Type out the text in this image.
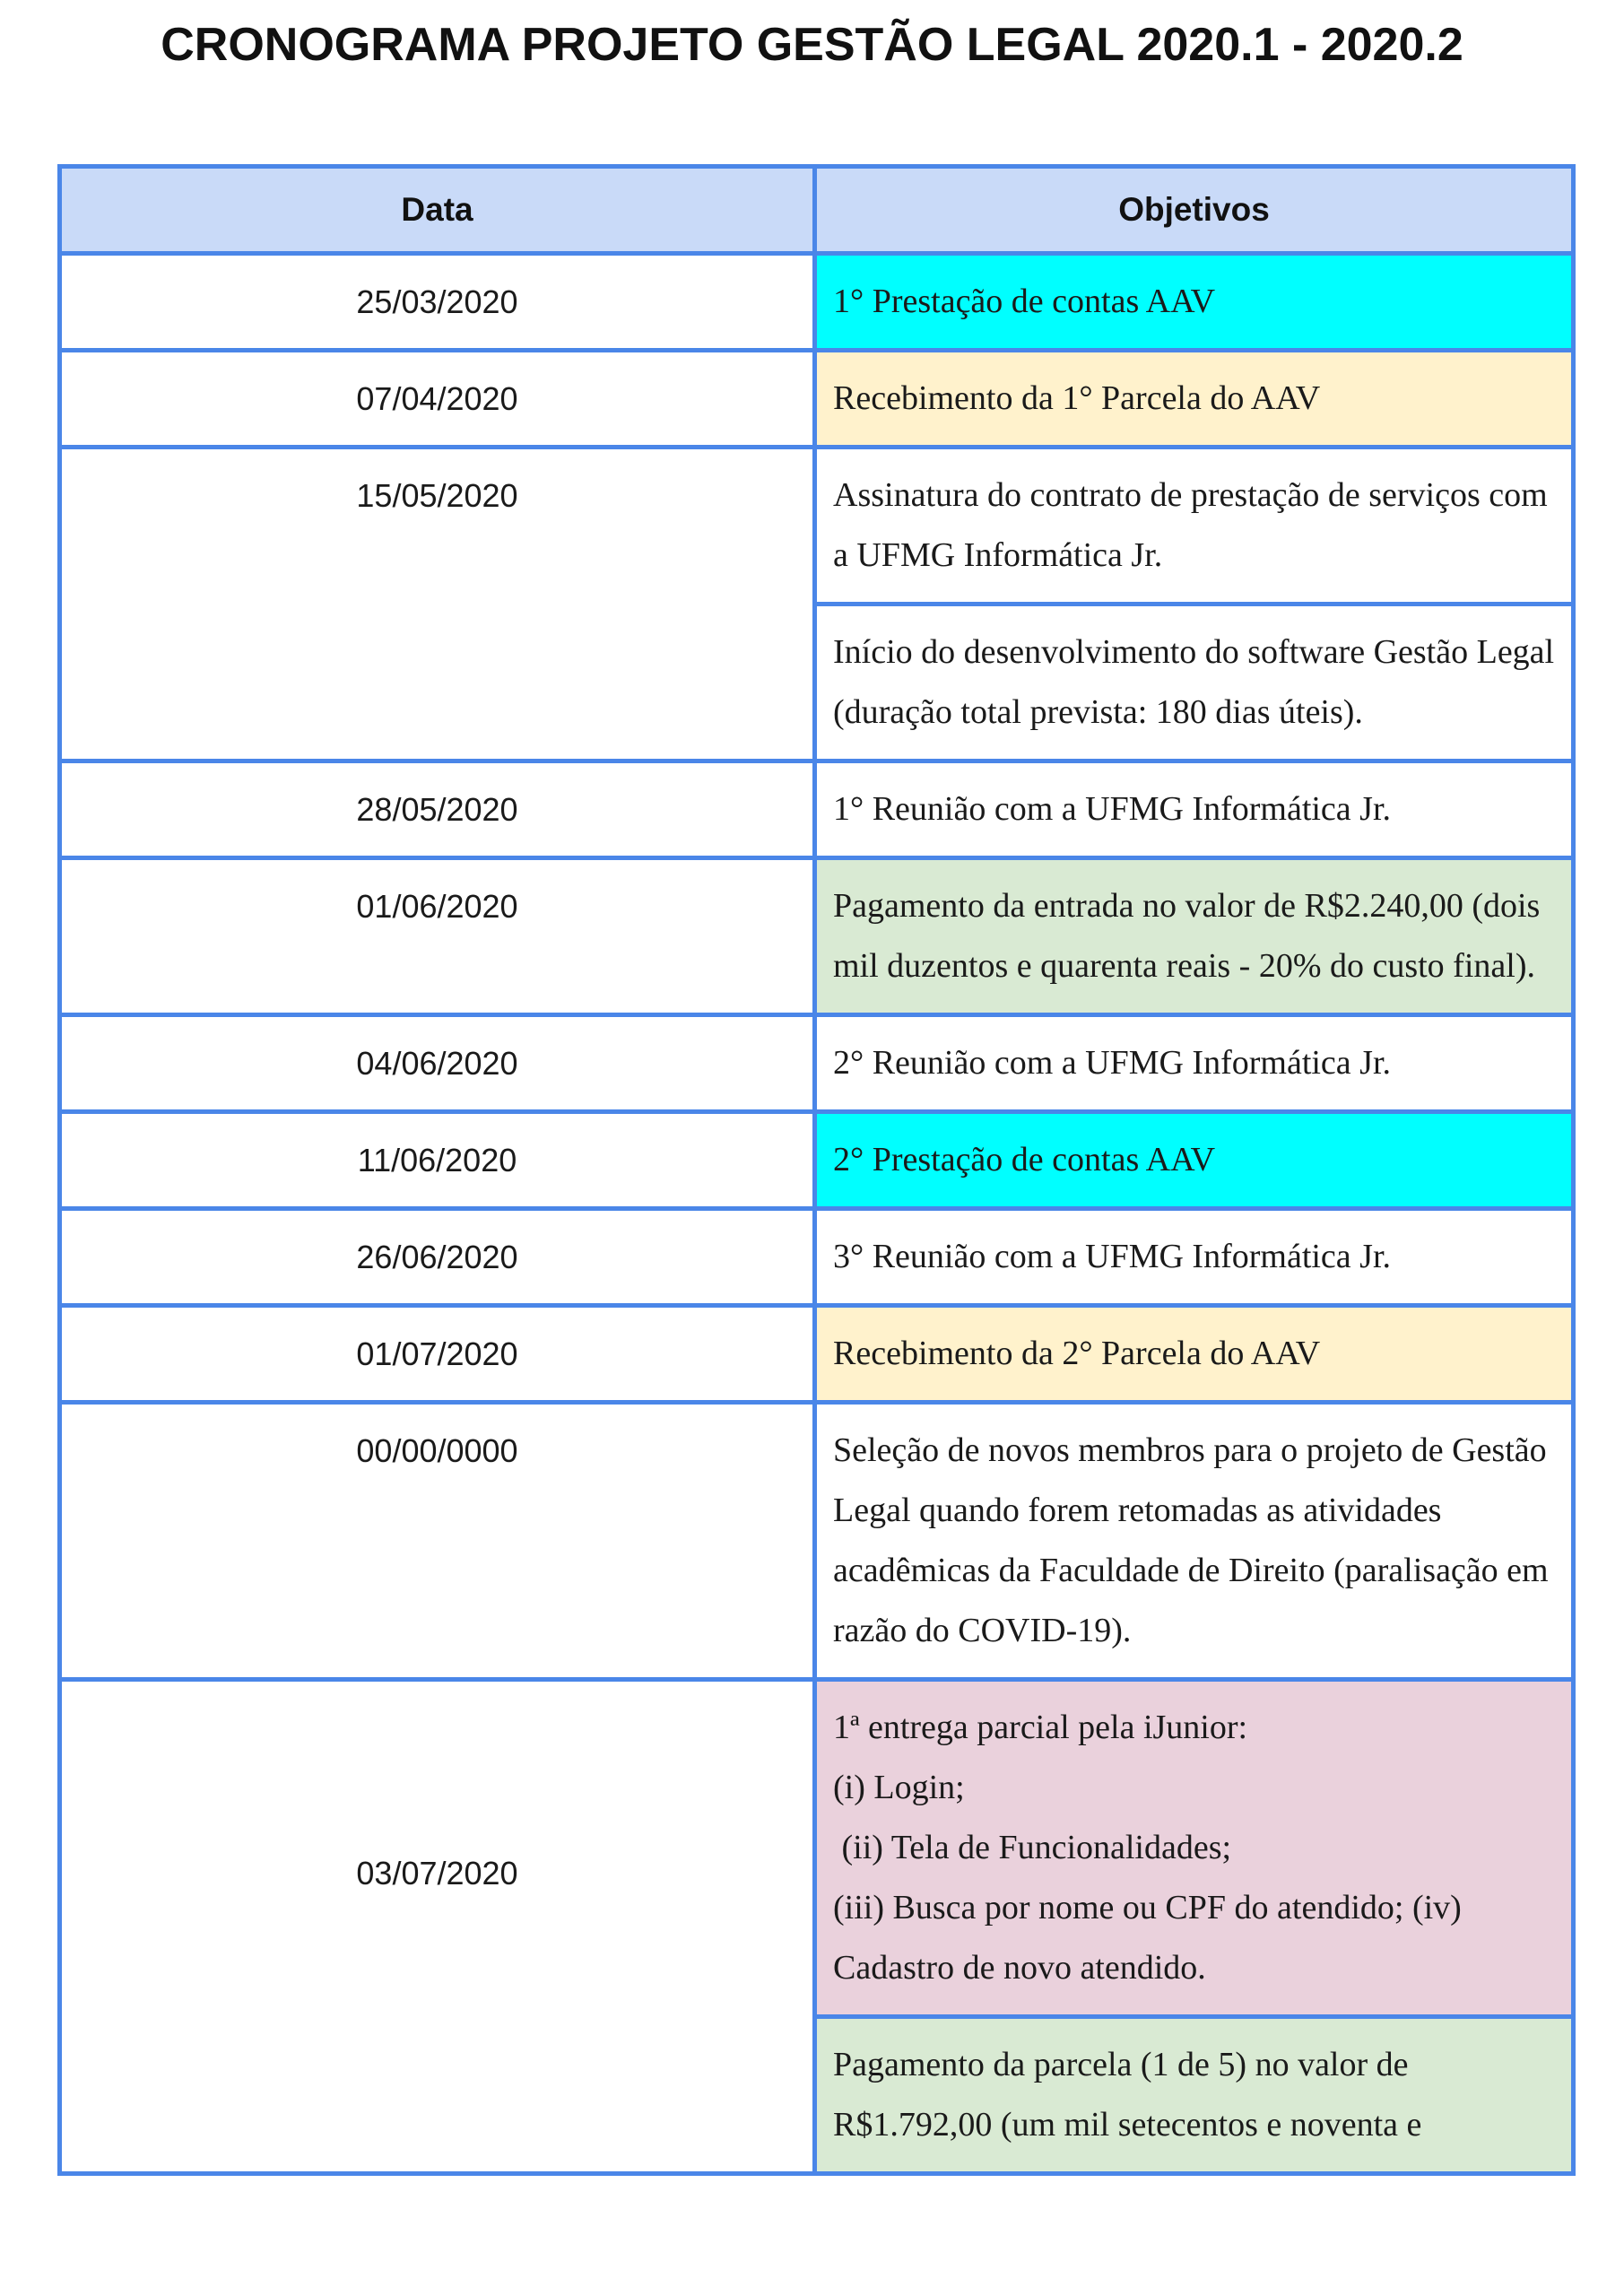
CRONOGRAMA PROJETO GESTÃO LEGAL 2020.1 - 2020.2
Data	Objetivos
25/03/2020	1° Prestação de contas AAV
07/04/2020	Recebimento da 1° Parcela do AAV
15/05/2020	Assinatura do contrato de prestação de serviços com a UFMG Informática Jr.
	Início do desenvolvimento do software Gestão Legal
(duração total prevista: 180 dias úteis).
28/05/2020	1° Reunião com a UFMG Informática Jr.
01/06/2020	Pagamento da entrada no valor de R$2.240,00 (dois mil duzentos e quarenta reais - 20% do custo final).
04/06/2020	2° Reunião com a UFMG Informática Jr.
11/06/2020	2° Prestação de contas AAV
26/06/2020	3° Reunião com a UFMG Informática Jr.
01/07/2020	Recebimento da 2° Parcela do AAV
00/00/0000	Seleção de novos membros para o projeto de Gestão Legal quando forem retomadas as atividades acadêmicas da Faculdade de Direito (paralisação em razão do COVID-19).
03/07/2020	1ª entrega parcial pela iJunior:
(i) Login;
(ii) Tela de Funcionalidades;
(iii) Busca por nome ou CPF do atendido; (iv) Cadastro de novo atendido.
	Pagamento da parcela (1 de 5) no valor de R$1.792,00 (um mil setecentos e noventa e
